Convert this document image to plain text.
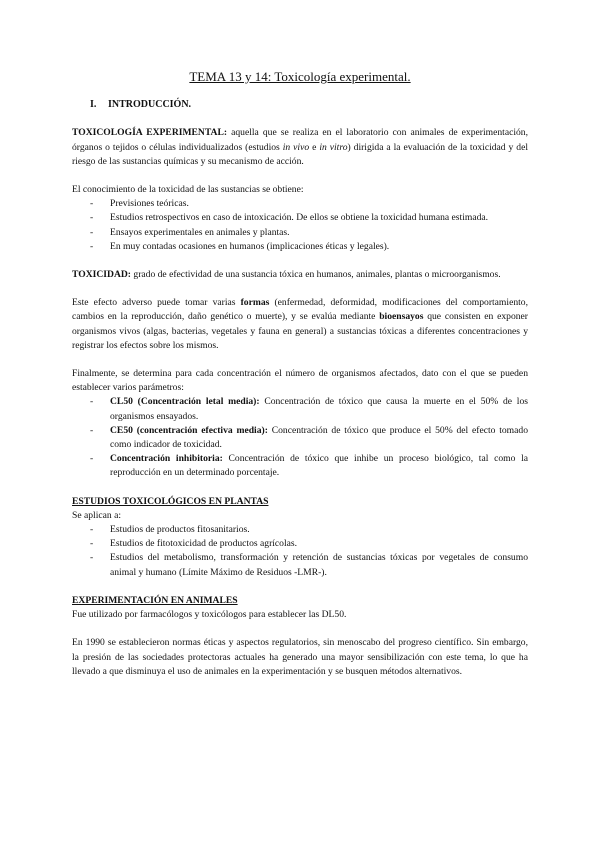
TEMA 13 y 14: Toxicología experimental.
I. INTRODUCCIÓN.

TOXICOLOGÍA EXPERIMENTAL: aquella que se realiza en el laboratorio con animales de experimentación, órganos o tejidos o células individualizados (estudios in vivo e in vitro) dirigida a la evaluación de la toxicidad y del riesgo de las sustancias químicas y su mecanismo de acción.

El conocimiento de la toxicidad de las sustancias se obtiene:

- Previsiones teóricas.
- Estudios retrospectivos en caso de intoxicación. De ellos se obtiene la toxicidad humana estimada.
- Ensayos experimentales en animales y plantas.
- En muy contadas ocasiones en humanos (implicaciones éticas y legales).

TOXICIDAD: grado de efectividad de una sustancia tóxica en humanos, animales, plantas o microorganismos.

Este efecto adverso puede tomar varias formas (enfermedad, deformidad, modificaciones del comportamiento, cambios en la reproducción, daño genético o muerte), y se evalúa mediante bioensayos que consisten en exponer organismos vivos (algas, bacterias, vegetales y fauna en general) a sustancias tóxicas a diferentes concentraciones y registrar los efectos sobre los mismos.

Finalmente, se determina para cada concentración el número de organismos afectados, dato con el que se pueden establecer varios parámetros:

- CL50 (Concentración letal media): Concentración de tóxico que causa la muerte en el 50% de los organismos ensayados.
- CE50 (concentración efectiva media): Concentración de tóxico que produce el 50% del efecto tomado como indicador de toxicidad.
- Concentración inhibitoria: Concentración de tóxico que inhibe un proceso biológico, tal como la reproducción en un determinado porcentaje.

ESTUDIOS TOXICOLÓGICOS EN PLANTAS

Se aplican a:

- Estudios de productos fitosanitarios.
- Estudios de fitotoxicidad de productos agrícolas.
- Estudios del metabolismo, transformación y retención de sustancias tóxicas por vegetales de consumo animal y humano (Límite Máximo de Residuos -LMR-).

EXPERIMENTACIÓN EN ANIMALES

Fue utilizado por farmacólogos y toxicólogos para establecer las DL50.

En 1990 se establecieron normas éticas y aspectos regulatorios, sin menoscabo del progreso científico. Sin embargo, la presión de las sociedades protectoras actuales ha generado una mayor sensibilización con este tema, lo que ha llevado a que disminuya el uso de animales en la experimentación y se busquen métodos alternativos.
